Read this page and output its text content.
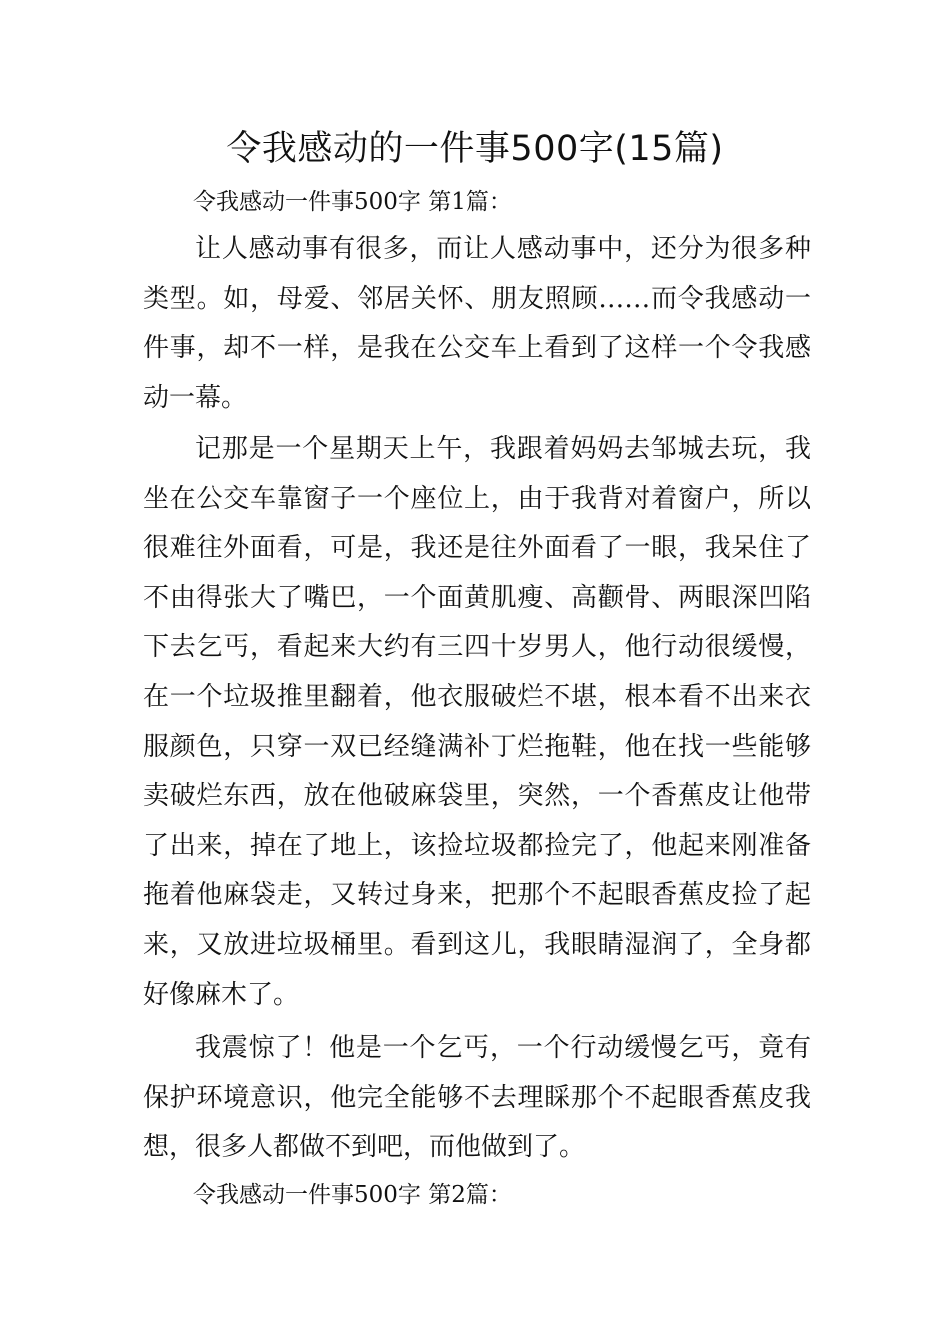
令我感动的一件事500字(15篇)
令我感动一件事500字 第1篇：

让人感动事有很多，而让人感动事中，还分为很多种类型。如，母爱、邻居关怀、朋友照顾……而令我感动一件事，却不一样，是我在公交车上看到了这样一个令我感动一幕。

记那是一个星期天上午，我跟着妈妈去邹城去玩，我坐在公交车靠窗子一个座位上，由于我背对着窗户，所以很难往外面看，可是，我还是往外面看了一眼，我呆住了不由得张大了嘴巴，一个面黄肌瘦、高颧骨、两眼深凹陷下去乞丐，看起来大约有三四十岁男人，他行动很缓慢，在一个垃圾推里翻着，他衣服破烂不堪，根本看不出来衣服颜色，只穿一双已经缝满补丁烂拖鞋，他在找一些能够卖破烂东西，放在他破麻袋里，突然，一个香蕉皮让他带了出来，掉在了地上，该捡垃圾都捡完了，他起来刚准备拖着他麻袋走，又转过身来，把那个不起眼香蕉皮捡了起来，又放进垃圾桶里。看到这儿，我眼睛湿润了，全身都好像麻木了。

我震惊了！他是一个乞丐，一个行动缓慢乞丐，竟有保护环境意识，他完全能够不去理睬那个不起眼香蕉皮我想，很多人都做不到吧，而他做到了。

令我感动一件事500字 第2篇：
